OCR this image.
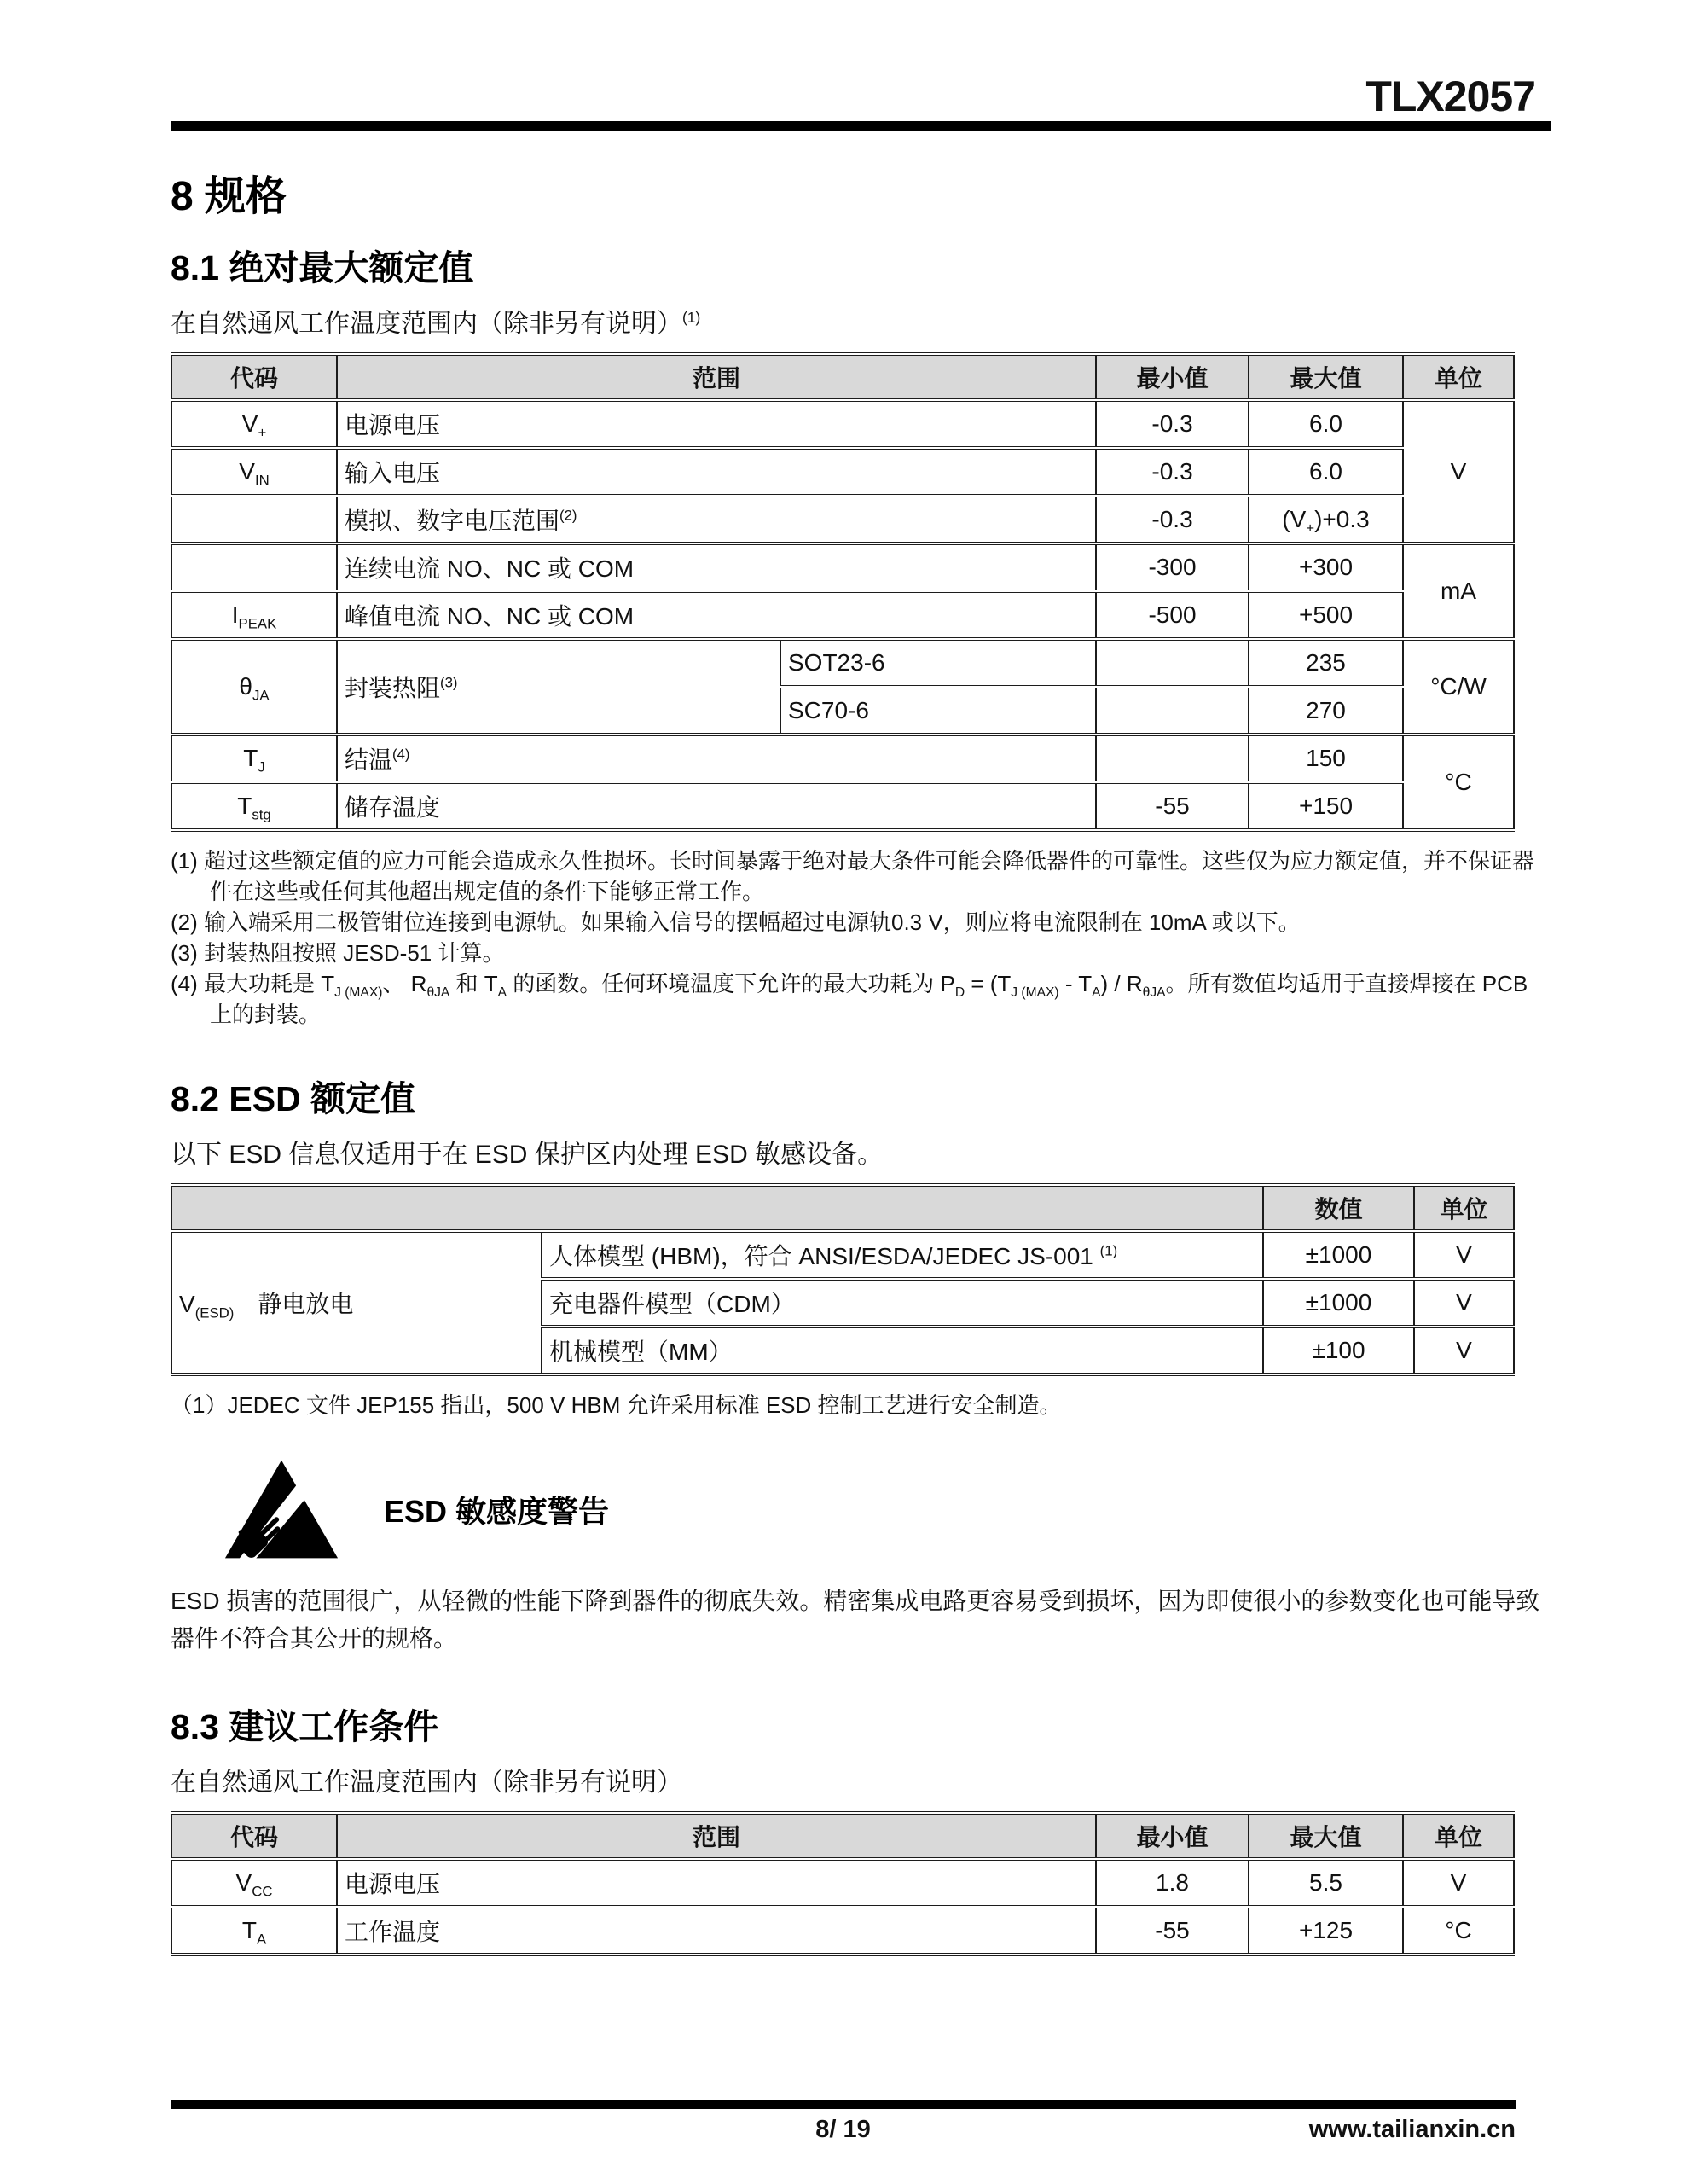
TLX2057
8 规格
8.1 绝对最大额定值
在自然通风工作温度范围内（除非另有说明）$^{(1)}$
代码	范围		最小值	最大值	单位
$V_+$	电源电压		-0.3	6.0	V
$V_{IN}$	输入电压		-0.3	6.0	
	模拟、数字电压范围$^{(2)}$		-0.3	$(V_+)+0.3$	
	连续电流 NO、NC 或 COM		-300	+300	mA
$I_{PEAK}$	峰值电流 NO、NC 或 COM		-500	+500	
$\theta_{JA}$	封装热阻$^{(3)}$	SOT23-6		235	°C/W
		SC70-6		270	
$T_J$	结温$^{(4)}$			150	°C
$T_{stg}$	储存温度		-55	+150	
(1) 超过这些额定值的应力可能会造成永久性损坏。长时间暴露于绝对最大条件可能会降低器件的可靠性。这些仅为应力额定值，并不保证器件在这些或任何其他超出规定值的条件下能够正常工作。
(2) 输入端采用二极管钳位连接到电源轨。如果输入信号的摆幅超过电源轨0.3 V，则应将电流限制在 10mA 或以下。
(3) 封装热阻按照 JESD-51 计算。
(4) 最大功耗是 $T_{J (MAX)}$、 $R_{\theta JA}$ 和 $T_A$ 的函数。任何环境温度下允许的最大功耗为 $P_D = (T_{J (MAX)} - T_A) / R_{\theta JA}$。所有数值均适用于直接焊接在 PCB 上的封装。
8.2 ESD 额定值
以下 ESD 信息仅适用于在 ESD 保护区内处理 ESD 敏感设备。
		数值	单位
$V_{(ESD)}$　静电放电	人体模型 (HBM)，符合 ANSI/ESDA/JEDEC JS-001 $^{(1)}$	±1000	V
	充电器件模型（CDM）	±1000	V
	机械模型（MM）	±100	V
（1）JEDEC 文件 JEP155 指出，500 V HBM 允许采用标准 ESD 控制工艺进行安全制造。
ESD 敏感度警告
ESD 损害的范围很广，从轻微的性能下降到器件的彻底失效。精密集成电路更容易受到损坏，因为即使很小的参数变化也可能导致器件不符合其公开的规格。
8.3 建议工作条件
在自然通风工作温度范围内（除非另有说明）
代码	范围	最小值	最大值	单位
$V_{CC}$	电源电压	1.8	5.5	V
$T_A$	工作温度	-55	+125	°C
8/ 19	www.tailianxin.cn
